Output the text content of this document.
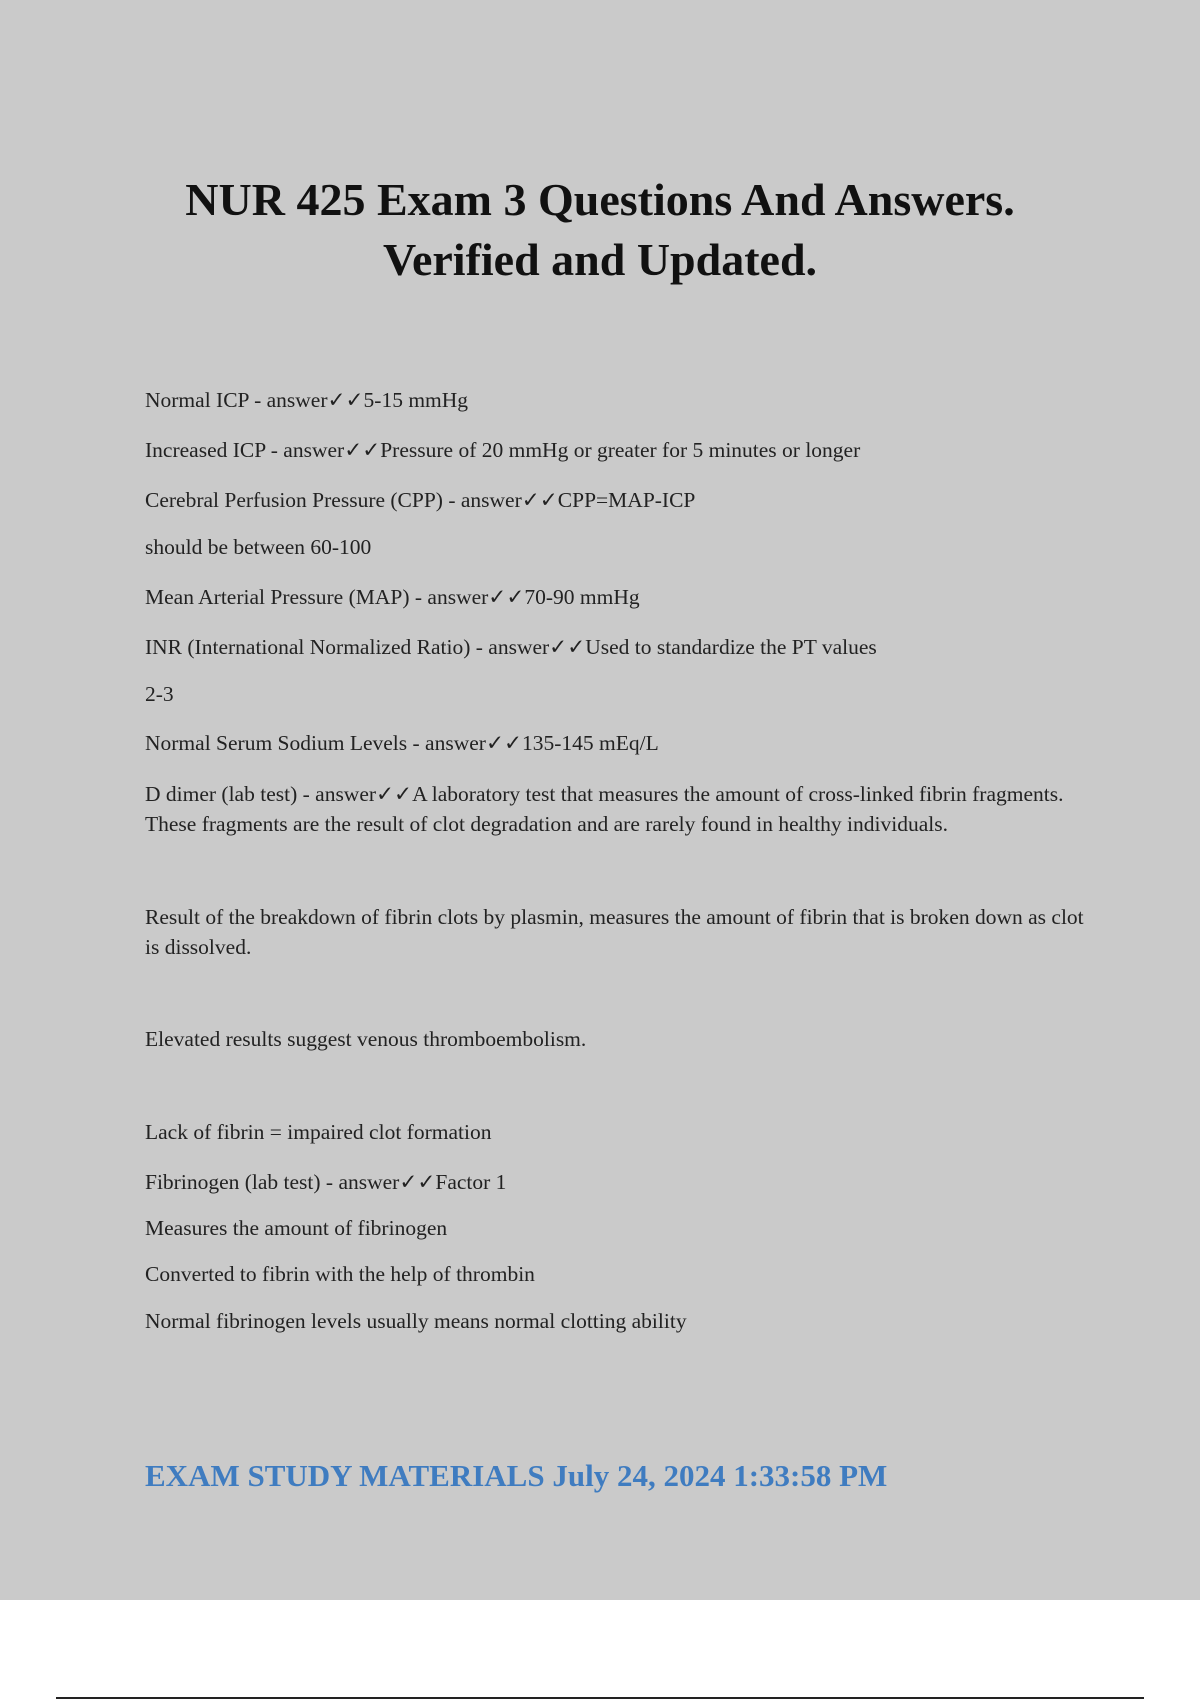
NUR 425 Exam 3 Questions And Answers.
Verified and Updated.

Normal ICP - answer✓✓5-15 mmHg

Increased ICP - answer✓✓Pressure of 20 mmHg or greater for 5 minutes or longer

Cerebral Perfusion Pressure (CPP) - answer✓✓CPP=MAP-ICP

should be between 60-100

Mean Arterial Pressure (MAP) - answer✓✓70-90 mmHg

INR (International Normalized Ratio) - answer✓✓Used to standardize the PT values

2-3

Normal Serum Sodium Levels - answer✓✓135-145 mEq/L

D dimer (lab test) - answer✓✓A laboratory test that measures the amount of cross-linked fibrin fragments. These fragments are the result of clot degradation and are rarely found in healthy individuals.

Result of the breakdown of fibrin clots by plasmin, measures the amount of fibrin that is broken down as clot is dissolved.

Elevated results suggest venous thromboembolism.

Lack of fibrin = impaired clot formation

Fibrinogen (lab test) - answer✓✓Factor 1

Measures the amount of fibrinogen

Converted to fibrin with the help of thrombin

Normal fibrinogen levels usually means normal clotting ability

EXAM STUDY MATERIALS July 24, 2024 1:33:58 PM
